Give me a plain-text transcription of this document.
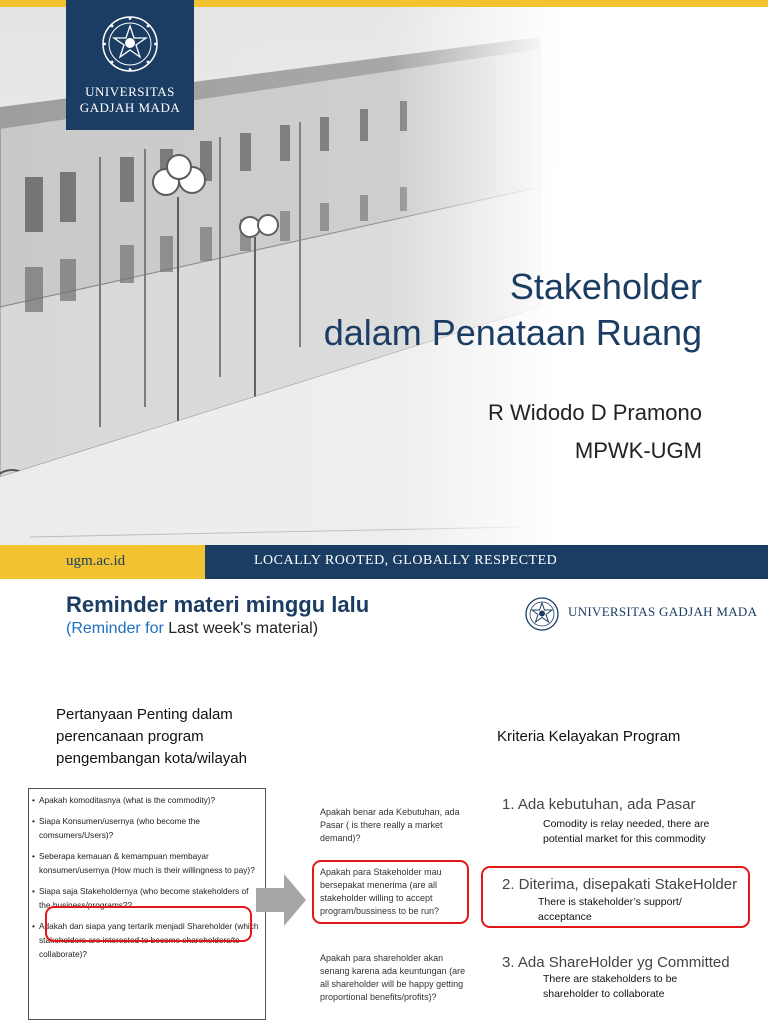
UNIVERSITAS
GADJAH MADA
Stakeholder
dalam Penataan Ruang
R Widodo D Pramono
MPWK-UGM
ugm.ac.id	LOCALLY ROOTED, GLOBALLY RESPECTED
Reminder materi minggu lalu
(Reminder for Last week's material)
UNIVERSITAS GADJAH MADA
Pertanyaan Penting dalam perencanaan program pengembangan kota/wilayah
Kriteria Kelayakan Program
• Apakah komoditasnya (what is the commodity)?
• Siapa Konsumen/usernya (who become the comsumers/Users)?
• Seberapa kemauan & kemampuan membayar konsumen/usernya (How much is their willingness to pay)?
• Siapa saja Stakeholdernya (who become stakeholders of the business/programs??
• Adakah dan siapa yang tertarik menjadi Shareholder (which stakeholders are interested to become shareholders/to collaborate)?
Apakah benar ada Kebutuhan, ada Pasar ( is there really a market demand)?
Apakah para Stakeholder mau bersepakat menerima (are all stakeholder willing to accept program/bussiness to be run?
Apakah para shareholder akan senang karena ada keuntungan (are all shareholder will be happy getting proportional benefits/profits)?
1. Ada kebutuhan, ada Pasar
Comodity is relay needed, there are potential market for this commodity
2. Diterima, disepakati StakeHolder
There is stakeholder’s support/ acceptance
3. Ada ShareHolder yg Committed
There are stakeholders to be shareholder to collaborate
